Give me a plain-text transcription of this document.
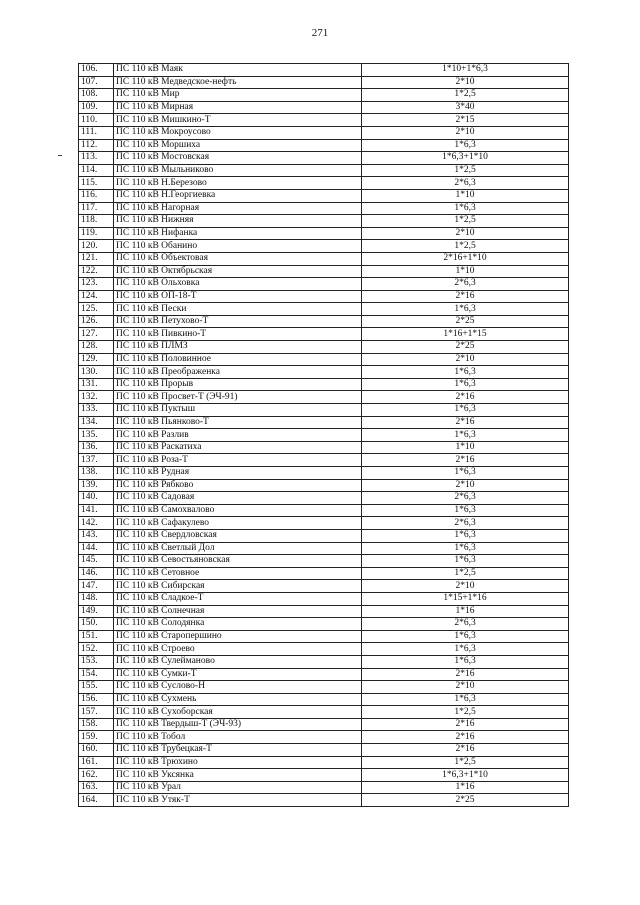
271
106.	ПС 110 кВ Маяк	1*10+1*6,3
107.	ПС 110 кВ Медведское-нефть	2*10
108.	ПС 110 кВ Мир	1*2,5
109.	ПС 110 кВ Мирная	3*40
110.	ПС 110 кВ Мишкино-Т	2*15
111.	ПС 110 кВ Мокроусово	2*10
112.	ПС 110 кВ Моршиха	1*6,3
113.	ПС 110 кВ Мостовская	1*6,3+1*10
114.	ПС 110 кВ Мыльниково	1*2,5
115.	ПС 110 кВ Н.Березово	2*6,3
116.	ПС 110 кВ Н.Георгиевка	1*10
117.	ПС 110 кВ Нагорная	1*6,3
118.	ПС 110 кВ Нижняя	1*2,5
119.	ПС 110 кВ Нифанка	2*10
120.	ПС 110 кВ Обанино	1*2,5
121.	ПС 110 кВ Объектовая	2*16+1*10
122.	ПС 110 кВ Октябрьская	1*10
123.	ПС 110 кВ Ольховка	2*6,3
124.	ПС 110 кВ ОП-18-Т	2*16
125.	ПС 110 кВ Пески	1*6,3
126.	ПС 110 кВ Петухово-Т	2*25
127.	ПС 110 кВ Пивкино-Т	1*16+1*15
128.	ПС 110 кВ ПЛМЗ	2*25
129.	ПС 110 кВ Половинное	2*10
130.	ПС 110 кВ Преображенка	1*6,3
131.	ПС 110 кВ Прорыв	1*6,3
132.	ПС 110 кВ Просвет-Т (ЭЧ-91)	2*16
133.	ПС 110 кВ Пуктыш	1*6,3
134.	ПС 110 кВ Пьянково-Т	2*16
135.	ПС 110 кВ Разлив	1*6,3
136.	ПС 110 кВ Раскатиха	1*10
137.	ПС 110 кВ Роза-Т	2*16
138.	ПС 110 кВ Рудная	1*6,3
139.	ПС 110 кВ Рябково	2*10
140.	ПС 110 кВ Садовая	2*6,3
141.	ПС 110 кВ Самохвалово	1*6,3
142.	ПС 110 кВ Сафакулево	2*6,3
143.	ПС 110 кВ Свердловская	1*6,3
144.	ПС 110 кВ Светлый Дол	1*6,3
145.	ПС 110 кВ Севостьяновская	1*6,3
146.	ПС 110 кВ Сетовное	1*2,5
147.	ПС 110 кВ Сибирская	2*10
148.	ПС 110 кВ Сладкое-Т	1*15+1*16
149.	ПС 110 кВ Солнечная	1*16
150.	ПС 110 кВ Солодянка	2*6,3
151.	ПС 110 кВ Старопершино	1*6,3
152.	ПС 110 кВ Строево	1*6,3
153.	ПС 110 кВ Сулейманово	1*6,3
154.	ПС 110 кВ Сумки-Т	2*16
155.	ПС 110 кВ Суслово-Н	2*10
156.	ПС 110 кВ Сухмень	1*6,3
157.	ПС 110 кВ Сухоборская	1*2,5
158.	ПС 110 кВ Твердыш-Т (ЭЧ-93)	2*16
159.	ПС 110 кВ Тобол	2*16
160.	ПС 110 кВ Трубецкая-Т	2*16
161.	ПС 110 кВ Трюхино	1*2,5
162.	ПС 110 кВ Уксянка	1*6,3+1*10
163.	ПС 110 кВ Урал	1*16
164.	ПС 110 кВ Утяк-Т	2*25
